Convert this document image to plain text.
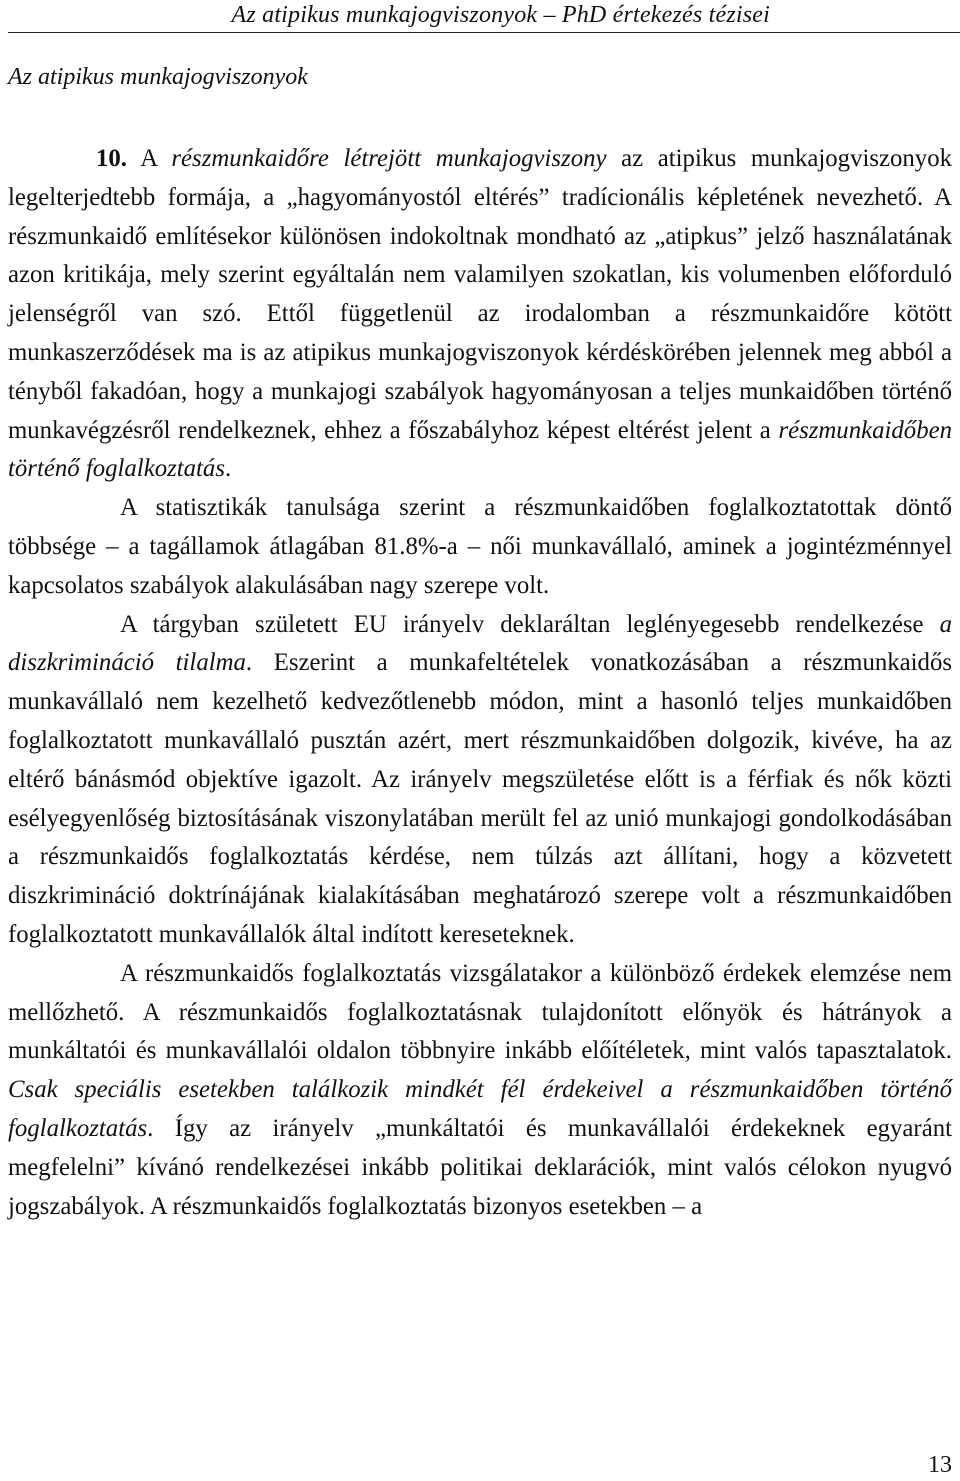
Az atipikus munkajogviszonyok – PhD értekezés tézisei
Az atipikus munkajogviszonyok

10. A részmunkaidőre létrejött munkajogviszony az atipikus munkajogviszonyok legelterjedtebb formája, a „hagyományostól eltérés” tradícionális képletének nevezhető. A részmunkaidő említésekor különösen indokoltnak mondható az „atipkus” jelző használatának azon kritikája, mely szerint egyáltalán nem valamilyen szokatlan, kis volumenben előforduló jelenségről van szó. Ettől függetlenül az irodalomban a részmunkaidőre kötött munkaszerződések ma is az atipikus munkajogviszonyok kérdéskörében jelennek meg abból a tényből fakadóan, hogy a munkajogi szabályok hagyományosan a teljes munkaidőben történő munkavégzésről rendelkeznek, ehhez a főszabályhoz képest eltérést jelent a részmunkaidőben történő foglalkoztatás.

A statisztikák tanulsága szerint a részmunkaidőben foglalkoztatottak döntő többsége – a tagállamok átlagában 81.8%-a – női munkavállaló, aminek a jogintézménnyel kapcsolatos szabályok alakulásában nagy szerepe volt.

A tárgyban született EU irányelv deklaráltan leglényegesebb rendelkezése a diszkrimináció tilalma. Eszerint a munkafeltételek vonatkozásában a részmunkaidős munkavállaló nem kezelhető kedvezőtlenebb módon, mint a hasonló teljes munkaidőben foglalkoztatott munkavállaló pusztán azért, mert részmunkaidőben dolgozik, kivéve, ha az eltérő bánásmód objektíve igazolt. Az irányelv megszületése előtt is a férfiak és nők közti esélyegyenlőség biztosításának viszonylatában merült fel az unió munkajogi gondolkodásában a részmunkaidős foglalkoztatás kérdése, nem túlzás azt állítani, hogy a közvetett diszkrimináció doktrínájának kialakításában meghatározó szerepe volt a részmunkaidőben foglalkoztatott munkavállalók által indított kereseteknek.

A részmunkaidős foglalkoztatás vizsgálatakor a különböző érdekek elemzése nem mellőzhető. A részmunkaidős foglalkoztatásnak tulajdonított előnyök és hátrányok a munkáltatói és munkavállalói oldalon többnyire inkább előítéletek, mint valós tapasztalatok. Csak speciális esetekben találkozik mindkét fél érdekeivel a részmunkaidőben történő foglalkoztatás. Így az irányelv „munkáltatói és munkavállalói érdekeknek egyaránt megfelelni” kívánó rendelkezései inkább politikai deklarációk, mint valós célokon nyugvó jogszabályok. A részmunkaidős foglalkoztatás bizonyos esetekben – a

13
